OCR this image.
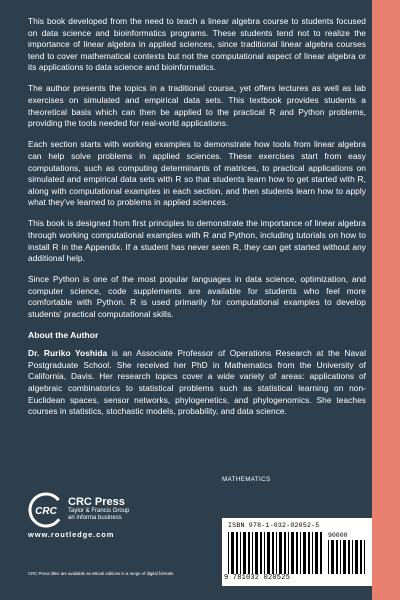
This book developed from the need to teach a linear algebra course to students focused on data science and bioinformatics programs. These students tend not to realize the importance of linear algebra in applied sciences, since traditional linear algebra courses tend to cover mathematical contexts but not the computational aspect of linear algebra or its applications to data science and bioinformatics.

The author presents the topics in a traditional course, yet offers lectures as well as lab exercises on simulated and empirical data sets. This textbook provides students a theoretical basis which can then be applied to the practical R and Python problems, providing the tools needed for real-world applications.

Each section starts with working examples to demonstrate how tools from linear algebra can help solve problems in applied sciences. These exercises start from easy computations, such as computing determinants of matrices, to practical applications on simulated and empirical data sets with R so that students learn how to get started with R, along with computational examples in each section, and then students learn how to apply what they've learned to problems in applied sciences.

This book is designed from first principles to demonstrate the importance of linear algebra through working computational examples with R and Python, including tutorials on how to install R in the Appendix. If a student has never seen R, they can get started without any additional help.

Since Python is one of the most popular languages in data science, optimization, and computer science, code supplements are available for students who feel more comfortable with Python. R is used primarily for computational examples to develop students' practical computational skills.

About the Author

Dr. Ruriko Yoshida is an Associate Professor of Operations Research at the Naval Postgraduate School. She received her PhD in Mathematics from the University of California, Davis. Her research topics cover a wide variety of areas: applications of algebraic combinatorics to statistical problems such as statistical learning on non-Euclidean spaces, sensor networks, phylogenetics, and phylogenomics. She teaches courses in statistics, stochastic models, probability, and data science.

CRC
CRC Press
Taylor & Francis Group
an informa business
www.routledge.com
CRC Press titles are available as eBook editions in a range of digital formats
MATHEMATICS
ISBN 978-1-032-02052-5
90000
9 781032 020525
